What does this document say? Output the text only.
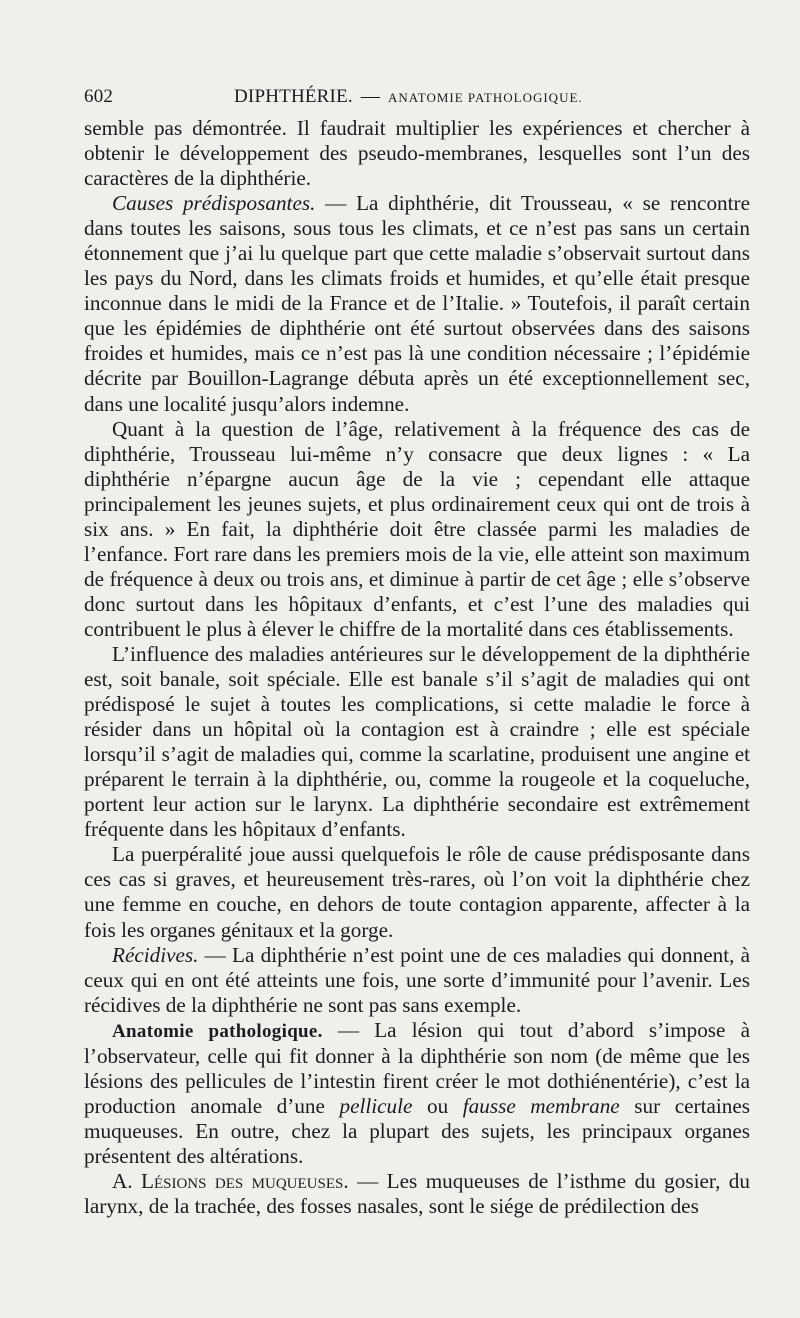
602	DIPHTHÉRIE. — ANATOMIE PATHOLOGIQUE.

semble pas démontrée. Il faudrait multiplier les expériences et chercher à obtenir le développement des pseudo-membranes, lesquelles sont l’un des caractères de la diphthérie.

Causes prédisposantes. — La diphthérie, dit Trousseau, « se rencontre dans toutes les saisons, sous tous les climats, et ce n’est pas sans un certain étonnement que j’ai lu quelque part que cette maladie s’observait surtout dans les pays du Nord, dans les climats froids et humides, et qu’elle était presque inconnue dans le midi de la France et de l’Italie. » Toutefois, il paraît certain que les épidémies de diphthérie ont été surtout observées dans des saisons froides et humides, mais ce n’est pas là une condition nécessaire ; l’épidémie décrite par Bouillon-Lagrange débuta après un été exceptionnellement sec, dans une localité jusqu’alors indemne.

Quant à la question de l’âge, relativement à la fréquence des cas de diphthérie, Trousseau lui-même n’y consacre que deux lignes : « La diphthérie n’épargne aucun âge de la vie ; cependant elle attaque principalement les jeunes sujets, et plus ordinairement ceux qui ont de trois à six ans. » En fait, la diphthérie doit être classée parmi les maladies de l’enfance. Fort rare dans les premiers mois de la vie, elle atteint son maximum de fréquence à deux ou trois ans, et diminue à partir de cet âge ; elle s’observe donc surtout dans les hôpitaux d’enfants, et c’est l’une des maladies qui contribuent le plus à élever le chiffre de la mortalité dans ces établissements.

L’influence des maladies antérieures sur le développement de la diphthérie est, soit banale, soit spéciale. Elle est banale s’il s’agit de maladies qui ont prédisposé le sujet à toutes les complications, si cette maladie le force à résider dans un hôpital où la contagion est à craindre ; elle est spéciale lorsqu’il s’agit de maladies qui, comme la scarlatine, produisent une angine et préparent le terrain à la diphthérie, ou, comme la rougeole et la coqueluche, portent leur action sur le larynx. La diphthérie secondaire est extrêmement fréquente dans les hôpitaux d’enfants.

La puerpéralité joue aussi quelquefois le rôle de cause prédisposante dans ces cas si graves, et heureusement très-rares, où l’on voit la diphthérie chez une femme en couche, en dehors de toute contagion apparente, affecter à la fois les organes génitaux et la gorge.

Récidives. — La diphthérie n’est point une de ces maladies qui donnent, à ceux qui en ont été atteints une fois, une sorte d’immunité pour l’avenir. Les récidives de la diphthérie ne sont pas sans exemple.

Anatomie pathologique. — La lésion qui tout d’abord s’impose à l’observateur, celle qui fit donner à la diphthérie son nom (de même que les lésions des pellicules de l’intestin firent créer le mot dothiénentérie), c’est la production anomale d’une pellicule ou fausse membrane sur certaines muqueuses. En outre, chez la plupart des sujets, les principaux organes présentent des altérations.

A. Lésions des muqueuses. — Les muqueuses de l’isthme du gosier, du larynx, de la trachée, des fosses nasales, sont le siége de prédilection des
